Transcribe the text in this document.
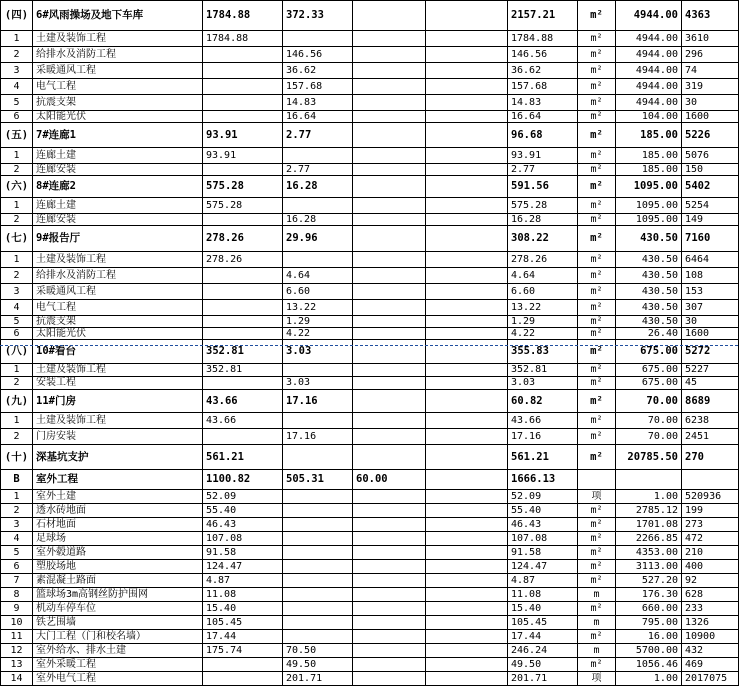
(四)	6#风雨操场及地下车库	1784.88	372.33			2157.21	m²	4944.00	4363
1	土建及装饰工程	1784.88				1784.88	m²	4944.00	3610
2	给排水及消防工程		146.56			146.56	m²	4944.00	296
3	采暖通风工程		36.62			36.62	m²	4944.00	74
4	电气工程		157.68			157.68	m²	4944.00	319
5	抗震支架		14.83			14.83	m²	4944.00	30
6	太阳能光伏		16.64			16.64	m²	104.00	1600
(五)	7#连廊1	93.91	2.77			96.68	m²	185.00	5226
1	连廊土建	93.91				93.91	m²	185.00	5076
2	连廊安装		2.77			2.77	m²	185.00	150
(六)	8#连廊2	575.28	16.28			591.56	m²	1095.00	5402
1	连廊土建	575.28				575.28	m²	1095.00	5254
2	连廊安装		16.28			16.28	m²	1095.00	149
(七)	9#报告厅	278.26	29.96			308.22	m²	430.50	7160
1	土建及装饰工程	278.26				278.26	m²	430.50	6464
2	给排水及消防工程		4.64			4.64	m²	430.50	108
3	采暖通风工程		6.60			6.60	m²	430.50	153
4	电气工程		13.22			13.22	m²	430.50	307
5	抗震支架		1.29			1.29	m²	430.50	30
6	太阳能光伏		4.22			4.22	m²	26.40	1600
(八)	10#看台	352.81	3.03			355.83	m²	675.00	5272
1	土建及装饰工程	352.81				352.81	m²	675.00	5227
2	安装工程		3.03			3.03	m²	675.00	45
(九)	11#门房	43.66	17.16			60.82	m²	70.00	8689
1	土建及装饰工程	43.66				43.66	m²	70.00	6238
2	门房安装		17.16			17.16	m²	70.00	2451
(十)	深基坑支护	561.21				561.21	m²	20785.50	270
B	室外工程	1100.82	505.31	60.00		1666.13			
1	室外土建	52.09				52.09	项	1.00	520936
2	透水砖地面	55.40				55.40	m²	2785.12	199
3	石材地面	46.43				46.43	m²	1701.08	273
4	足球场	107.08				107.08	m²	2266.85	472
5	室外毂道路	91.58				91.58	m²	4353.00	210
6	塑胶场地	124.47				124.47	m²	3113.00	400
7	素混凝土路面	4.87				4.87	m²	527.20	92
8	篮球场3m高钢丝防护围网	11.08				11.08	m	176.30	628
9	机动车停车位	15.40				15.40	m²	660.00	233
10	铁艺围墙	105.45				105.45	m	795.00	1326
11	大门工程（门和校名墙）	17.44				17.44	m²	16.00	10900
12	室外给水、排水土建	175.74	70.50			246.24	m	5700.00	432
13	室外采暖工程		49.50			49.50	m²	1056.46	469
14	室外电气工程		201.71			201.71	项	1.00	2017075
